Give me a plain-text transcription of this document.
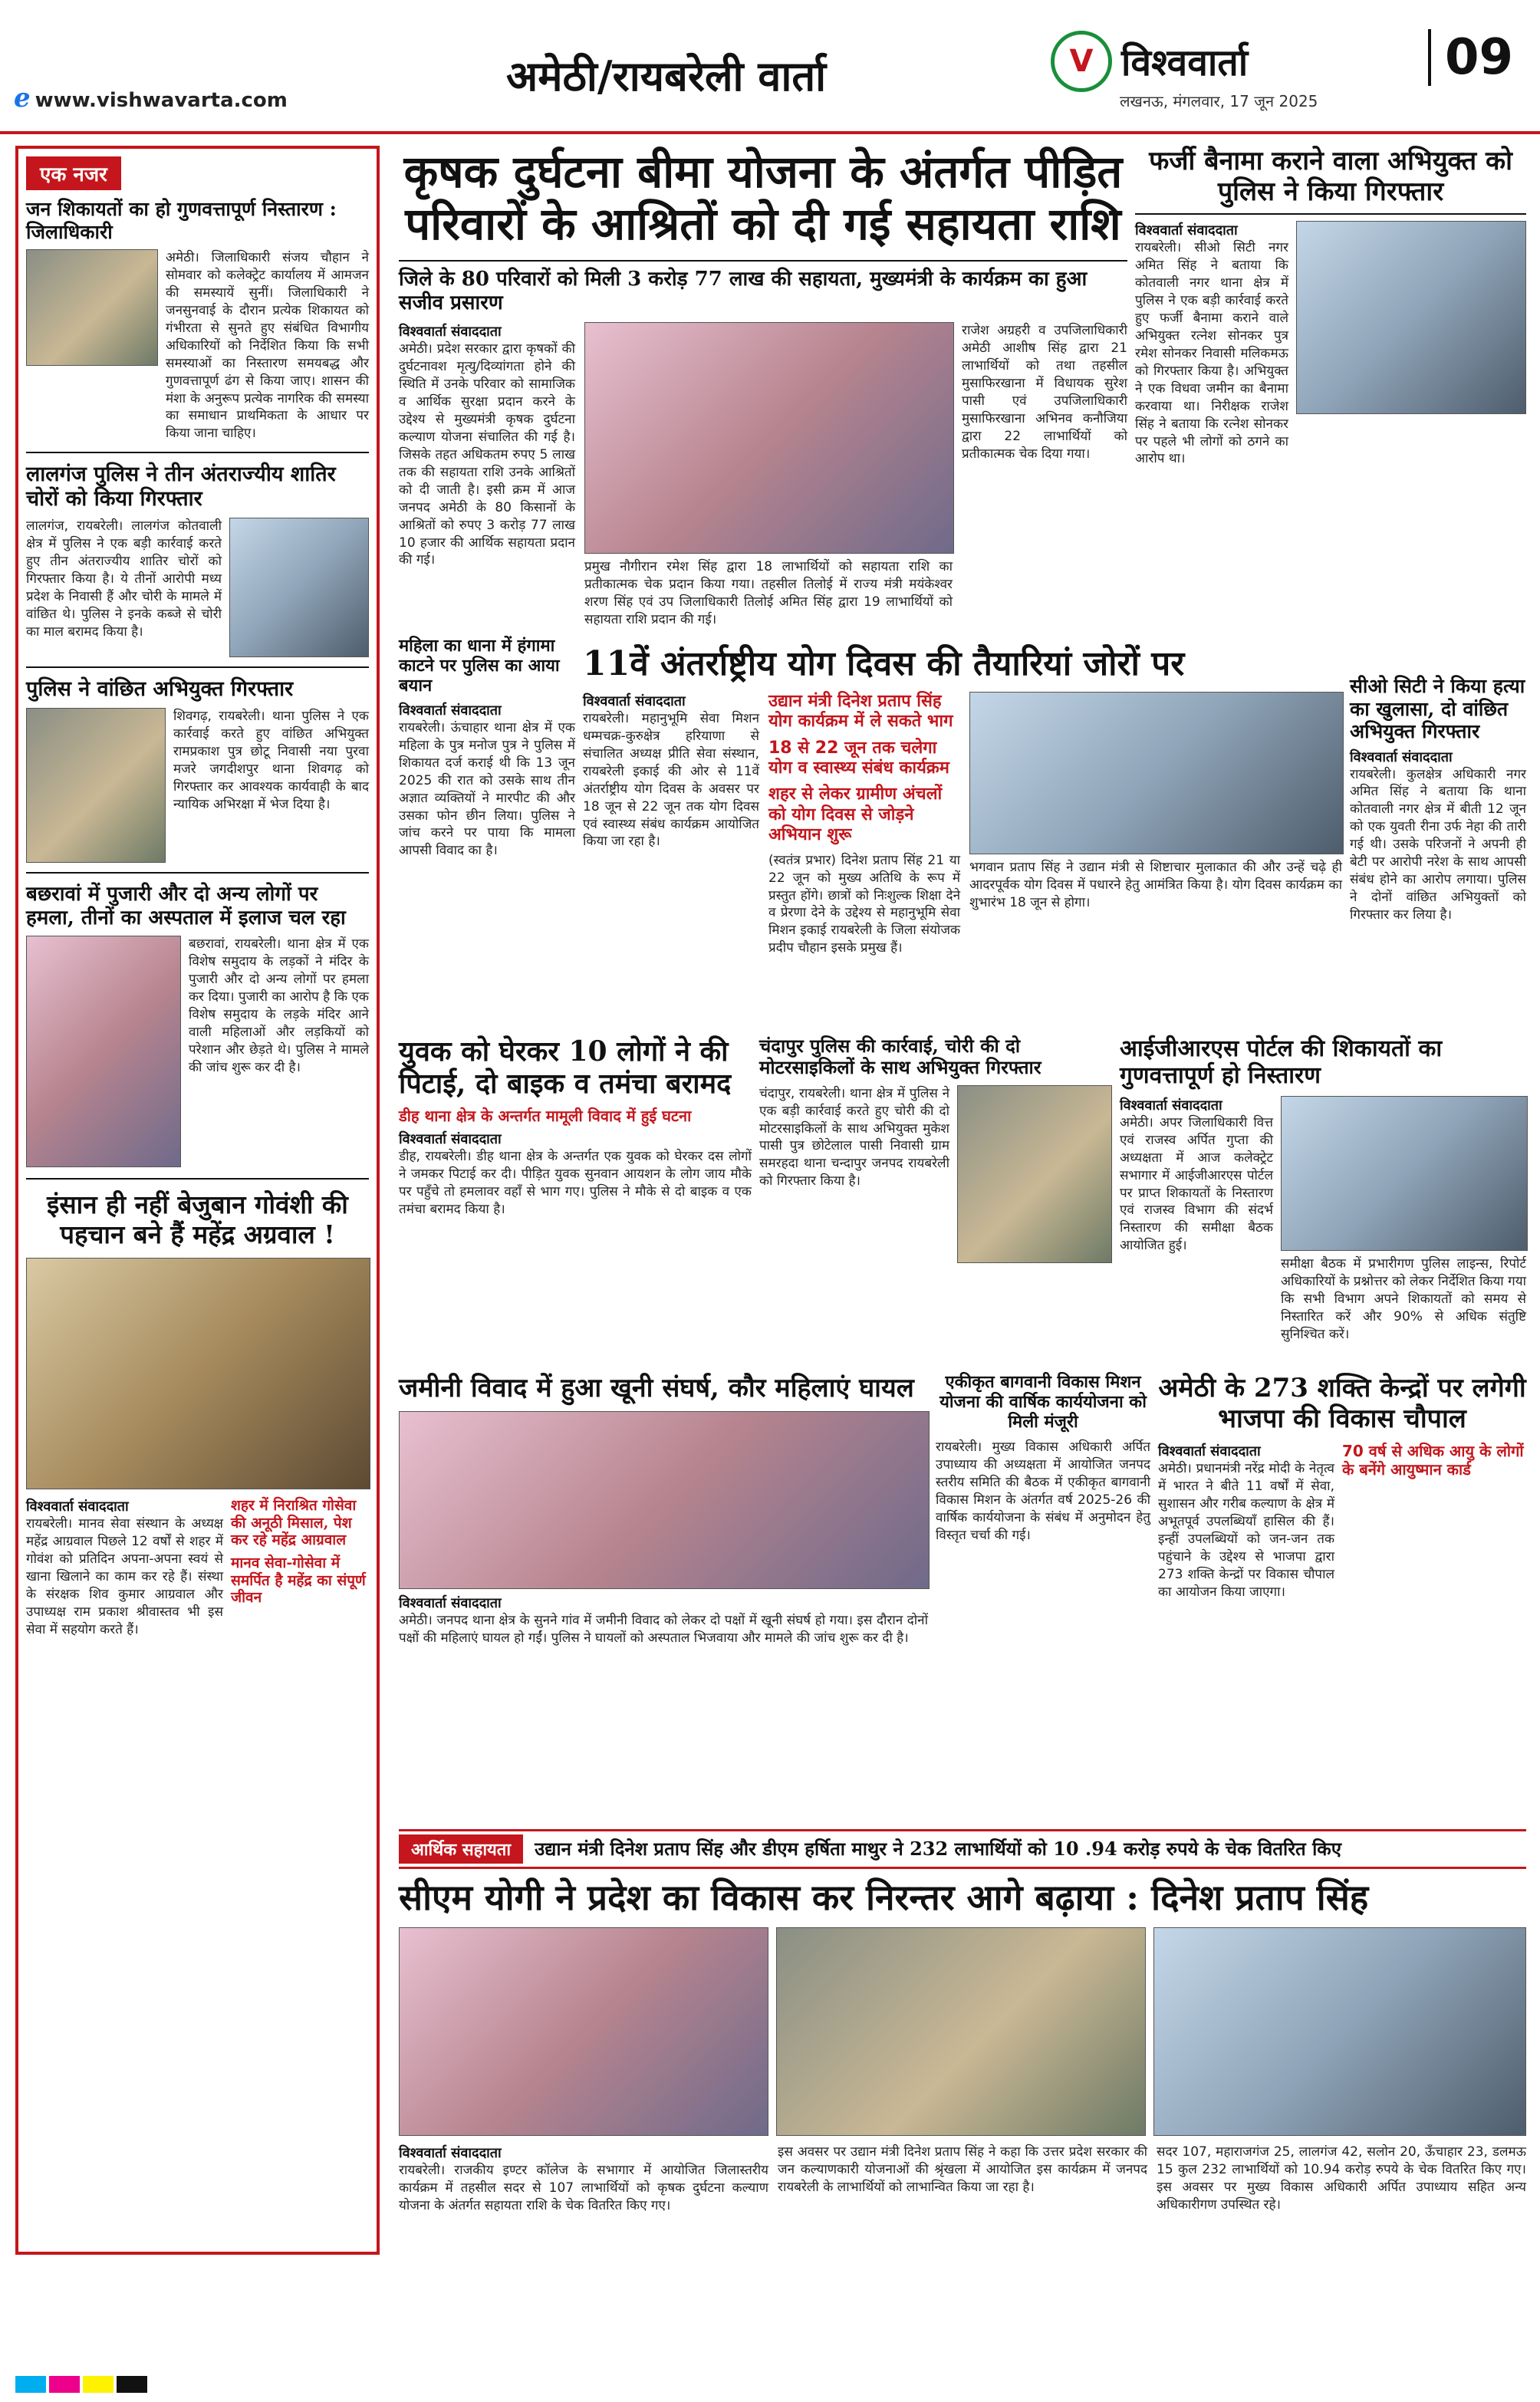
ℯ www.vishwavarta.com	अमेठी/रायबरेली वार्ता	V विश्ववार्ता
लखनऊ, मंगलवार, 17 जून 2025
09
एक नजर
जन शिकायतों का हो गुणवत्तापूर्ण निस्तारण : जिलाधिकारी
अमेठी। जिलाधिकारी संजय चौहान ने सोमवार को कलेक्ट्रेट कार्यालय में आमजन की समस्यायें सुनीं। जिलाधिकारी ने जनसुनवाई के दौरान प्रत्येक शिकायत को गंभीरता से सुनते हुए संबंधित विभागीय अधिकारियों को निर्देशित किया कि सभी समस्याओं का निस्तारण समयबद्ध और गुणवत्तापूर्ण ढंग से किया जाए। शासन की मंशा के अनुरूप प्रत्येक नागरिक की समस्या का समाधान प्राथमिकता के आधार पर किया जाना चाहिए।
लालगंज पुलिस ने तीन अंतराज्यीय शातिर चोरों को किया गिरफ्तार
लालगंज, रायबरेली। लालगंज कोतवाली क्षेत्र में पुलिस ने एक बड़ी कार्रवाई करते हुए तीन अंतराज्यीय शातिर चोरों को गिरफ्तार किया है। ये तीनों आरोपी मध्य प्रदेश के निवासी हैं और चोरी के मामले में वांछित थे। पुलिस ने इनके कब्जे से चोरी का माल बरामद किया है।
पुलिस ने वांछित अभियुक्त गिरफ्तार
शिवगढ़, रायबरेली। थाना पुलिस ने एक कार्रवाई करते हुए वांछित अभियुक्त रामप्रकाश पुत्र छोटू निवासी नया पुरवा मजरे जगदीशपुर थाना शिवगढ़ को गिरफ्तार कर आवश्यक कार्यवाही के बाद न्यायिक अभिरक्षा में भेज दिया है।
बछरावां में पुजारी और दो अन्य लोगों पर हमला, तीनों का अस्पताल में इलाज चल रहा
बछरावां, रायबरेली। थाना क्षेत्र में एक विशेष समुदाय के लड़कों ने मंदिर के पुजारी और दो अन्य लोगों पर हमला कर दिया। पुजारी का आरोप है कि एक विशेष समुदाय के लड़के मंदिर आने वाली महिलाओं और लड़कियों को परेशान और छेड़ते थे। पुलिस ने मामले की जांच शुरू कर दी है।
इंसान ही नहीं बेजुबान गोवंशी की पहचान बने हैं महेंद्र अग्रवाल !
विश्ववार्ता संवाददाता
रायबरेली। मानव सेवा संस्थान के अध्यक्ष महेंद्र आग्रवाल पिछले 12 वर्षों से शहर में गोवंश को प्रतिदिन अपना-अपना स्वयं से खाना खिलाने का काम कर रहे हैं। संस्था के संरक्षक शिव कुमार आग्रवाल और उपाध्यक्ष राम प्रकाश श्रीवास्तव भी इस सेवा में सहयोग करते हैं।
शहर में निराश्रित गोसेवा की अनूठी मिसाल, पेश कर रहे महेंद्र आग्रवाल
मानव सेवा-गोसेवा में समर्पित है महेंद्र का संपूर्ण जीवन
कृषक दुर्घटना बीमा योजना के अंतर्गत पीड़ित परिवारों के आश्रितों को दी गई सहायता राशि
जिले के 80 परिवारों को मिली 3 करोड़ 77 लाख की सहायता, मुख्यमंत्री के कार्यक्रम का हुआ सजीव प्रसारण
विश्ववार्ता संवाददाता
अमेठी। प्रदेश सरकार द्वारा कृषकों की दुर्घटनावश मृत्यु/दिव्यांगता होने की स्थिति में उनके परिवार को सामाजिक व आर्थिक सुरक्षा प्रदान करने के उद्देश्य से मुख्यमंत्री कृषक दुर्घटना कल्याण योजना संचालित की गई है। जिसके तहत अधिकतम रुपए 5 लाख तक की सहायता राशि उनके आश्रितों को दी जाती है। इसी क्रम में आज जनपद अमेठी के 80 किसानों के आश्रितों को रुपए 3 करोड़ 77 लाख 10 हजार की आर्थिक सहायता प्रदान की गई।	प्रमुख नौगीरान रमेश सिंह द्वारा 18 लाभार्थियों को सहायता राशि का प्रतीकात्मक चेक प्रदान किया गया। तहसील तिलोई में राज्य मंत्री मयंकेश्वर शरण सिंह एवं उप जिलाधिकारी तिलोई अमित सिंह द्वारा 19 लाभार्थियों को सहायता राशि प्रदान की गई।
राजेश अग्रहरी व उपजिलाधिकारी अमेठी आशीष सिंह द्वारा 21 लाभार्थियों को तथा तहसील मुसाफिरखाना में विधायक सुरेश पासी एवं उपजिलाधिकारी मुसाफिरखाना अभिनव कनौजिया द्वारा 22 लाभार्थियों को प्रतीकात्मक चेक दिया गया।
फर्जी बैनामा कराने वाला अभियुक्त को पुलिस ने किया गिरफ्तार
विश्ववार्ता संवाददाता
रायबरेली। सीओ सिटी नगर अमित सिंह ने बताया कि कोतवाली नगर थाना क्षेत्र में पुलिस ने एक बड़ी कार्रवाई करते हुए फर्जी बैनामा कराने वाले अभियुक्त रत्नेश सोनकर पुत्र रमेश सोनकर निवासी मलिकमऊ को गिरफ्तार किया है। अभियुक्त ने एक विधवा जमीन का बैनामा करवाया था। निरीक्षक राजेश सिंह ने बताया कि रत्नेश सोनकर पर पहले भी लोगों को ठगने का आरोप था।
सीओ सिटी ने किया हत्या का खुलासा, दो वांछित अभियुक्त गिरफ्तार
विश्ववार्ता संवाददाता
रायबरेली। कुलक्षेत्र अधिकारी नगर अमित सिंह ने बताया कि थाना कोतवाली नगर क्षेत्र में बीती 12 जून को एक युवती रीना उर्फ नेहा की तारी गई थी। उसके परिजनों ने अपनी ही बेटी पर आरोपी नरेश के साथ आपसी संबंध होने का आरोप लगाया। पुलिस ने दोनों वांछित अभियुक्तों को गिरफ्तार कर लिया है।
महिला का धाना में हंगामा काटने पर पुलिस का आया बयान
विश्ववार्ता संवाददाता
रायबरेली। ऊंचाहार थाना क्षेत्र में एक महिला के पुत्र मनोज पुत्र ने पुलिस में शिकायत दर्ज कराई थी कि 13 जून 2025 की रात को उसके साथ तीन अज्ञात व्यक्तियों ने मारपीट की और उसका फोन छीन लिया। पुलिस ने जांच करने पर पाया कि मामला आपसी विवाद का है।
11वें अंतर्राष्ट्रीय योग दिवस की तैयारियां जोरों पर
विश्ववार्ता संवाददाता
रायबरेली। महानुभूमि सेवा मिशन धम्मचक्र-कुरुक्षेत्र हरियाणा से संचालित अध्यक्ष प्रीति सेवा संस्थान, रायबरेली इकाई की ओर से 11वें अंतर्राष्ट्रीय योग दिवस के अवसर पर 18 जून से 22 जून तक योग दिवस एवं स्वास्थ्य संबंध कार्यक्रम आयोजित किया जा रहा है।
उद्यान मंत्री दिनेश प्रताप सिंह योग कार्यक्रम में ले सकते भाग
18 से 22 जून तक चलेगा योग व स्वास्थ्य संबंध कार्यक्रम
शहर से लेकर ग्रामीण अंचलों को योग दिवस से जोड़ने अभियान शुरू
(स्वतंत्र प्रभार) दिनेश प्रताप सिंह 21 या 22 जून को मुख्य अतिथि के रूप में प्रस्तुत होंगे। छात्रों को निःशुल्क शिक्षा देने व प्रेरणा देने के उद्देश्य से महानुभूमि सेवा मिशन इकाई रायबरेली के जिला संयोजक प्रदीप चौहान इसके प्रमुख हैं।
भगवान प्रताप सिंह ने उद्यान मंत्री से शिष्टाचार मुलाकात की और उन्हें चढ़े ही आदरपूर्वक योग दिवस में पधारने हेतु आमंत्रित किया है। योग दिवस कार्यक्रम का शुभारंभ 18 जून से होगा।
युवक को घेरकर 10 लोगों ने की पिटाई, दो बाइक व तमंचा बरामद
डीह थाना क्षेत्र के अन्तर्गत मामूली विवाद में हुई घटना
विश्ववार्ता संवाददाता
डीह, रायबरेली। डीह थाना क्षेत्र के अन्तर्गत एक युवक को घेरकर दस लोगों ने जमकर पिटाई कर दी। पीड़ित युवक सुनवान आयशन के लोग जाय मौके पर पहुँचे तो हमलावर वहाँ से भाग गए। पुलिस ने मौके से दो बाइक व एक तमंचा बरामद किया है।
चंदापुर पुलिस की कार्रवाई, चोरी की दो मोटरसाइकिलों के साथ अभियुक्त गिरफ्तार
चंदापुर, रायबरेली। थाना क्षेत्र में पुलिस ने एक बड़ी कार्रवाई करते हुए चोरी की दो मोटरसाइकिलों के साथ अभियुक्त मुकेश पासी पुत्र छोटेलाल पासी निवासी ग्राम समरहदा थाना चन्दापुर जनपद रायबरेली को गिरफ्तार किया है।
आईजीआरएस पोर्टल की शिकायतों का गुणवत्तापूर्ण हो निस्तारण
विश्ववार्ता संवाददाता
अमेठी। अपर जिलाधिकारी वित्त एवं राजस्व अर्पित गुप्ता की अध्यक्षता में आज कलेक्ट्रेट सभागार में आईजीआरएस पोर्टल पर प्राप्त शिकायतों के निस्तारण एवं राजस्व विभाग की संदर्भ निस्तारण की समीक्षा बैठक आयोजित हुई।
समीक्षा बैठक में प्रभारीगण पुलिस लाइन्स, रिपोर्ट अधिकारियों के प्रश्नोत्तर को लेकर निर्देशित किया गया कि सभी विभाग अपने शिकायतों को समय से निस्तारित करें और 90% से अधिक संतुष्टि सुनिश्चित करें।
जमीनी विवाद में हुआ खूनी संघर्ष, कौर महिलाएं घायल
विश्ववार्ता संवाददाता
अमेठी। जनपद थाना क्षेत्र के सुनने गांव में जमीनी विवाद को लेकर दो पक्षों में खूनी संघर्ष हो गया। इस दौरान दोनों पक्षों की महिलाएं घायल हो गईं। पुलिस ने घायलों को अस्पताल भिजवाया और मामले की जांच शुरू कर दी है।
एकीकृत बागवानी विकास मिशन योजना की वार्षिक कार्ययोजना को मिली मंजूरी
रायबरेली। मुख्य विकास अधिकारी अर्पित उपाध्याय की अध्यक्षता में आयोजित जनपद स्तरीय समिति की बैठक में एकीकृत बागवानी विकास मिशन के अंतर्गत वर्ष 2025-26 की वार्षिक कार्ययोजना के संबंध में अनुमोदन हेतु विस्तृत चर्चा की गई।
अमेठी के 273 शक्ति केन्द्रों पर लगेगी भाजपा की विकास चौपाल
विश्ववार्ता संवाददाता
अमेठी। प्रधानमंत्री नरेंद्र मोदी के नेतृत्व में भारत ने बीते 11 वर्षों में सेवा, सुशासन और गरीब कल्याण के क्षेत्र में अभूतपूर्व उपलब्धियाँ हासिल की हैं। इन्हीं उपलब्धियों को जन-जन तक पहुंचाने के उद्देश्य से भाजपा द्वारा 273 शक्ति केन्द्रों पर विकास चौपाल का आयोजन किया जाएगा।
70 वर्ष से अधिक आयु के लोगों के बनेंगे आयुष्मान कार्ड
आर्थिक सहायता उद्यान मंत्री दिनेश प्रताप सिंह और डीएम हर्षिता माथुर ने 232 लाभार्थियों को 10 .94 करोड़ रुपये के चेक वितरित किए
सीएम योगी ने प्रदेश का विकास कर निरन्तर आगे बढ़ाया : दिनेश प्रताप सिंह
विश्ववार्ता संवाददाता
रायबरेली। राजकीय इण्टर कॉलेज के सभागार में आयोजित जिलास्तरीय कार्यक्रम में तहसील सदर से 107 लाभार्थियों को कृषक दुर्घटना कल्याण योजना के अंतर्गत सहायता राशि के चेक वितरित किए गए।
इस अवसर पर उद्यान मंत्री दिनेश प्रताप सिंह ने कहा कि उत्तर प्रदेश सरकार की जन कल्याणकारी योजनाओं की श्रृंखला में आयोजित इस कार्यक्रम में जनपद रायबरेली के लाभार्थियों को लाभान्वित किया जा रहा है।
सदर 107, महाराजगंज 25, लालगंज 42, सलोन 20, ऊँचाहार 23, डलमऊ 15 कुल 232 लाभार्थियों को 10.94 करोड़ रुपये के चेक वितरित किए गए। इस अवसर पर मुख्य विकास अधिकारी अर्पित उपाध्याय सहित अन्य अधिकारीगण उपस्थित रहे।
